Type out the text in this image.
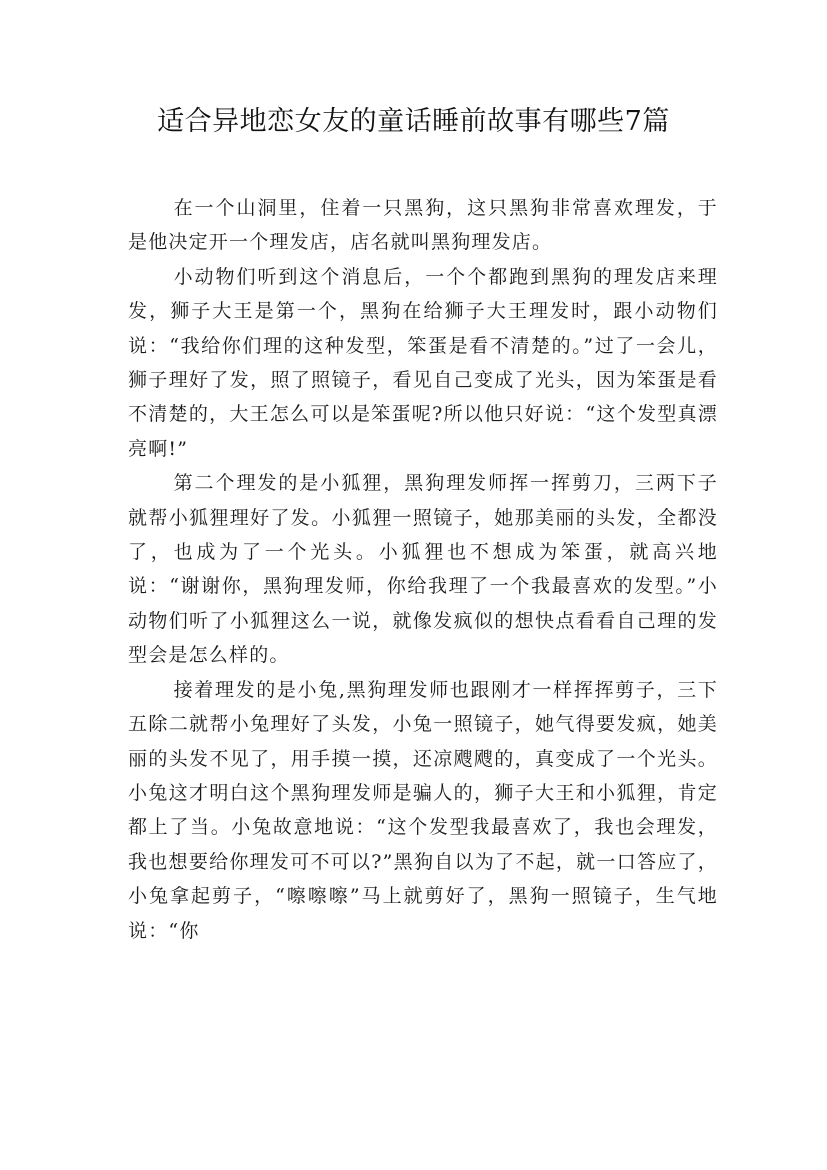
适合异地恋女友的童话睡前故事有哪些7篇

在一个山洞里，住着一只黑狗，这只黑狗非常喜欢理发，于是他决定开一个理发店，店名就叫黑狗理发店。

小动物们听到这个消息后，一个个都跑到黑狗的理发店来理发，狮子大王是第一个，黑狗在给狮子大王理发时，跟小动物们说：“我给你们理的这种发型，笨蛋是看不清楚的。”过了一会儿，狮子理好了发，照了照镜子，看见自己变成了光头，因为笨蛋是看不清楚的，大王怎么可以是笨蛋呢?所以他只好说：“这个发型真漂亮啊!”

第二个理发的是小狐狸，黑狗理发师挥一挥剪刀，三两下子就帮小狐狸理好了发。小狐狸一照镜子，她那美丽的头发，全都没了，也成为了一个光头。小狐狸也不想成为笨蛋，就高兴地说：“谢谢你，黑狗理发师，你给我理了一个我最喜欢的发型。”小动物们听了小狐狸这么一说，就像发疯似的想快点看看自己理的发型会是怎么样的。

接着理发的是小兔,黑狗理发师也跟刚才一样挥挥剪子，三下五除二就帮小兔理好了头发，小兔一照镜子，她气得要发疯，她美丽的头发不见了，用手摸一摸，还凉飕飕的，真变成了一个光头。小兔这才明白这个黑狗理发师是骗人的，狮子大王和小狐狸，肯定都上了当。小兔故意地说：“这个发型我最喜欢了，我也会理发，我也想要给你理发可不可以?”黑狗自以为了不起，就一口答应了，小兔拿起剪子，“嚓嚓嚓”马上就剪好了，黑狗一照镜子，生气地说：“你
